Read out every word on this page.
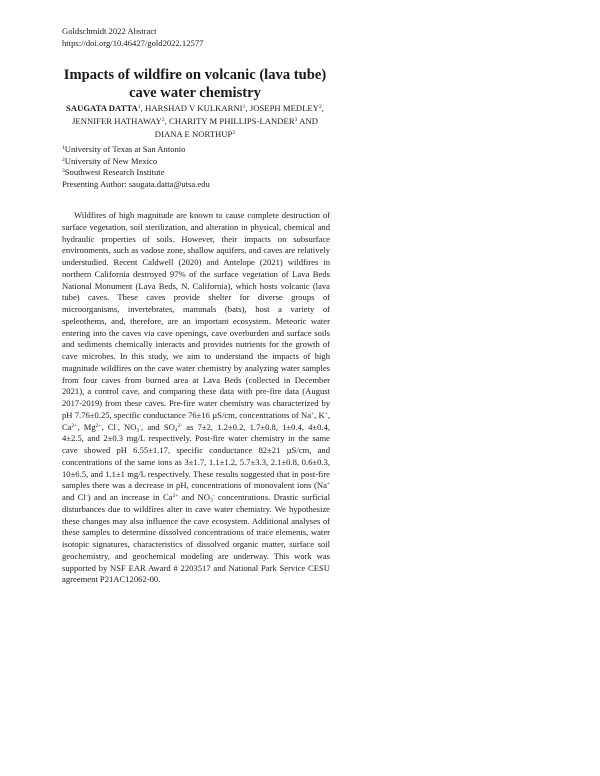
Goldschmidt 2022 Abstract
https://doi.org/10.46427/gold2022.12577
Impacts of wildfire on volcanic (lava tube) cave water chemistry
SAUGATA DATTA$^1$, HARSHAD V KULKARNI$^1$, JOSEPH MEDLEY$^2$, JENNIFER HATHAWAY$^2$, CHARITY M PHILLIPS-LANDER$^3$ AND DIANA E NORTHUP$^2$
$^1$University of Texas at San Antonio
$^2$University of New Mexico
$^3$Southwest Research Institute
Presenting Author: saugata.datta@utsa.edu

Wildfires of high magnitude are known to cause complete destruction of surface vegetation, soil sterilization, and alteration in physical, chemical and hydraulic properties of soils. However, their impacts on subsurface environments, such as vadose zone, shallow aquifers, and caves are relatively understudied. Recent Caldwell (2020) and Antelope (2021) wildfires in northern California destroyed 97% of the surface vegetation of Lava Beds National Monument (Lava Beds, N. California), which hosts volcanic (lava tube) caves. These caves provide shelter for diverse groups of microorganisms, invertebrates, mammals (bats), host a variety of speleothems, and, therefore, are an important ecosystem. Meteoric water entering into the caves via cave openings, cave overburden and surface soils and sediments chemically interacts and provides nutrients for the growth of cave microbes. In this study, we aim to understand the impacts of high magnitude wildfires on the cave water chemistry by analyzing water samples from four caves from burned area at Lava Beds (collected in December 2021), a control cave, and comparing these data with pre-fire data (August 2017-2019) from these caves. Pre-fire water chemistry was characterized by pH 7.76±0.25, specific conductance 76±16 µS/cm, concentrations of Na+, K+, $Ca^{2+}$, $Mg^{2+}$, Cl-, $NO_3^-$, and $SO_4^{2-}$ as 7±2, 1.2±0.2, 1.7±0.8, 1±0.4, 4±0.4, 4±2.5, and 2±0.3 mg/L respectively. Post-fire water chemistry in the same cave showed pH 6.55±1.17, specific conductance 82±21 µS/cm, and concentrations of the same ions as 3±1.7, 1.1±1.2, 5.7±3.3, 2.1±0.8, 0.6±0.3, 10±6.5, and 1.1±1 mg/L respectively. These results suggested that in post-fire samples there was a decrease in pH, concentrations of monovalent ions (Na+ and Cl-) and an increase in $Ca^{2+}$ and $NO_3^-$ concentrations. Drastic surficial disturbances due to wildfires alter in cave water chemistry. We hypothesize these changes may also influence the cave ecosystem. Additional analyses of these samples to determine dissolved concentrations of trace elements, water isotopic signatures, characteristics of dissolved organic matter, surface soil geochemistry, and geochemical modeling are underway. This work was supported by NSF EAR Award # 2203517 and National Park Service CESU agreement P21AC12062-00.
